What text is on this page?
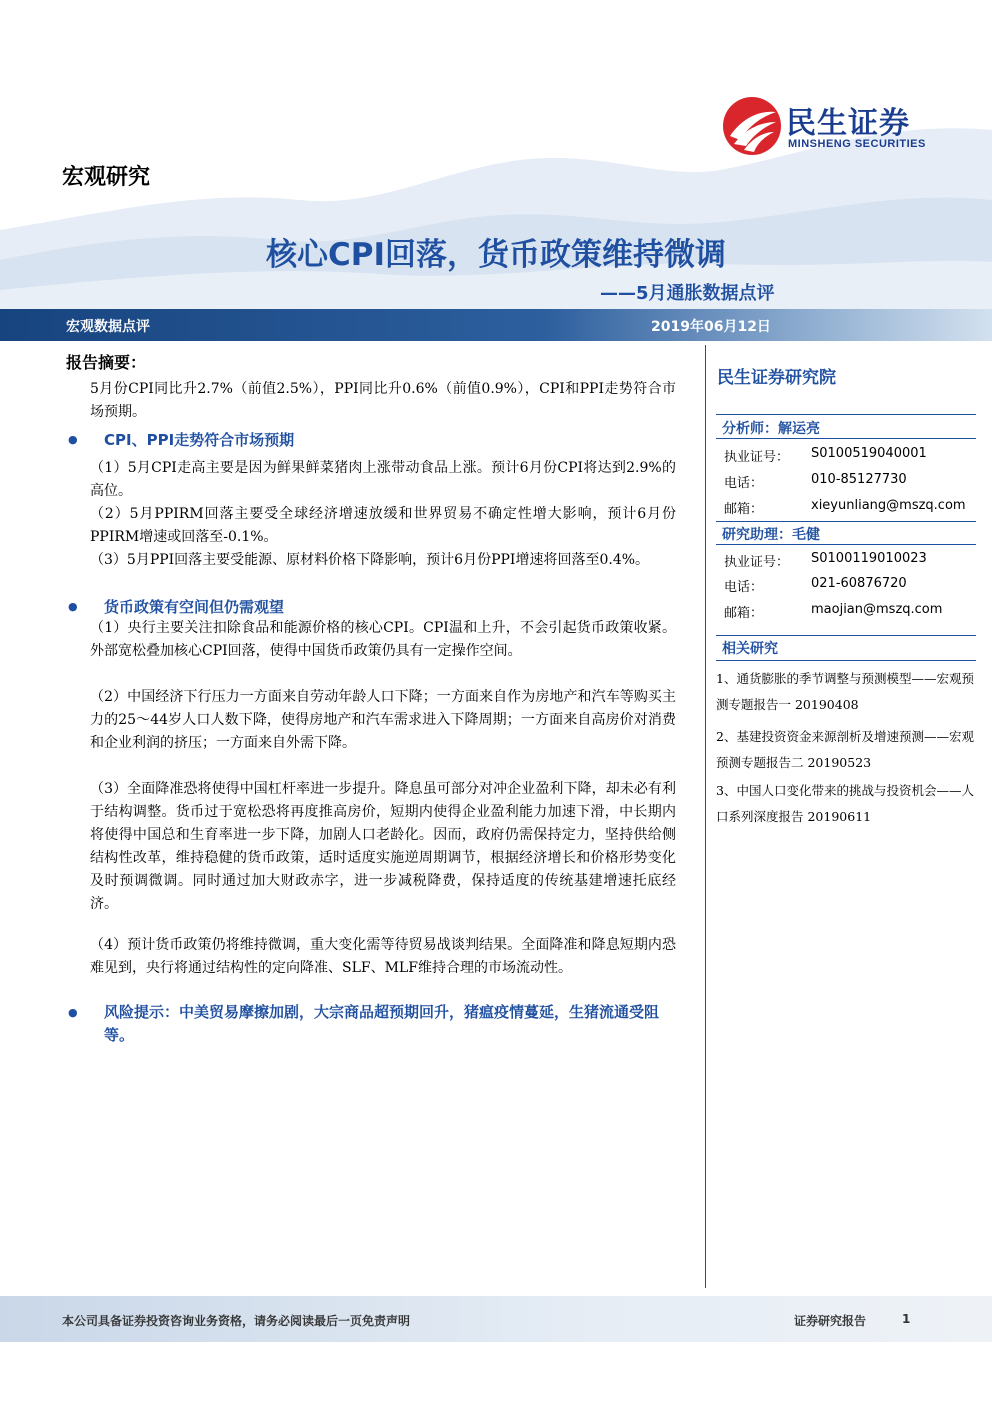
民生证券
MINSHENG SECURITIES
宏观研究
核心CPI回落，货币政策维持微调
——5月通胀数据点评
宏观数据点评	2019年06月12日
报告摘要：
5月份CPI同比升2.7%（前值2.5%），PPI同比升0.6%（前值0.9%），CPI和PPI走势符合市场预期。
● CPI、PPI走势符合市场预期
（1）5月CPI走高主要是因为鲜果鲜菜猪肉上涨带动食品上涨。预计6月份CPI将达到2.9%的高位。
（2）5月PPIRM回落主要受全球经济增速放缓和世界贸易不确定性增大影响，预计6月份PPIRM增速或回落至-0.1%。
（3）5月PPI回落主要受能源、原材料价格下降影响，预计6月份PPI增速将回落至0.4%。
● 货币政策有空间但仍需观望
（1）央行主要关注扣除食品和能源价格的核心CPI。CPI温和上升，不会引起货币政策收紧。外部宽松叠加核心CPI回落，使得中国货币政策仍具有一定操作空间。
（2）中国经济下行压力一方面来自劳动年龄人口下降；一方面来自作为房地产和汽车等购买主力的25～44岁人口人数下降，使得房地产和汽车需求进入下降周期；一方面来自高房价对消费和企业利润的挤压；一方面来自外需下降。
（3）全面降准恐将使得中国杠杆率进一步提升。降息虽可部分对冲企业盈利下降，却未必有利于结构调整。货币过于宽松恐将再度推高房价，短期内使得企业盈利能力加速下滑，中长期内将使得中国总和生育率进一步下降，加剧人口老龄化。因而，政府仍需保持定力，坚持供给侧结构性改革，维持稳健的货币政策，适时适度实施逆周期调节，根据经济增长和价格形势变化及时预调微调。同时通过加大财政赤字，进一步减税降费，保持适度的传统基建增速托底经济。
（4）预计货币政策仍将维持微调，重大变化需等待贸易战谈判结果。全面降准和降息短期内恐难见到，央行将通过结构性的定向降准、SLF、MLF维持合理的市场流动性。
● 风险提示：中美贸易摩擦加剧，大宗商品超预期回升，猪瘟疫情蔓延，生猪流通受阻等。
民生证券研究院
分析师：解运亮
执业证号： S0100519040001
电话：	010-85127730
邮箱：	xieyunliang@mszq.com
研究助理：毛健
执业证号： S0100119010023
电话：	021-60876720
邮箱：	maojian@mszq.com
相关研究
1、通货膨胀的季节调整与预测模型——宏观预测专题报告一 20190408
2、基建投资资金来源剖析及增速预测——宏观预测专题报告二 20190523
3、中国人口变化带来的挑战与投资机会——人口系列深度报告 20190611
本公司具备证券投资咨询业务资格，请务必阅读最后一页免责声明	证券研究报告	1
